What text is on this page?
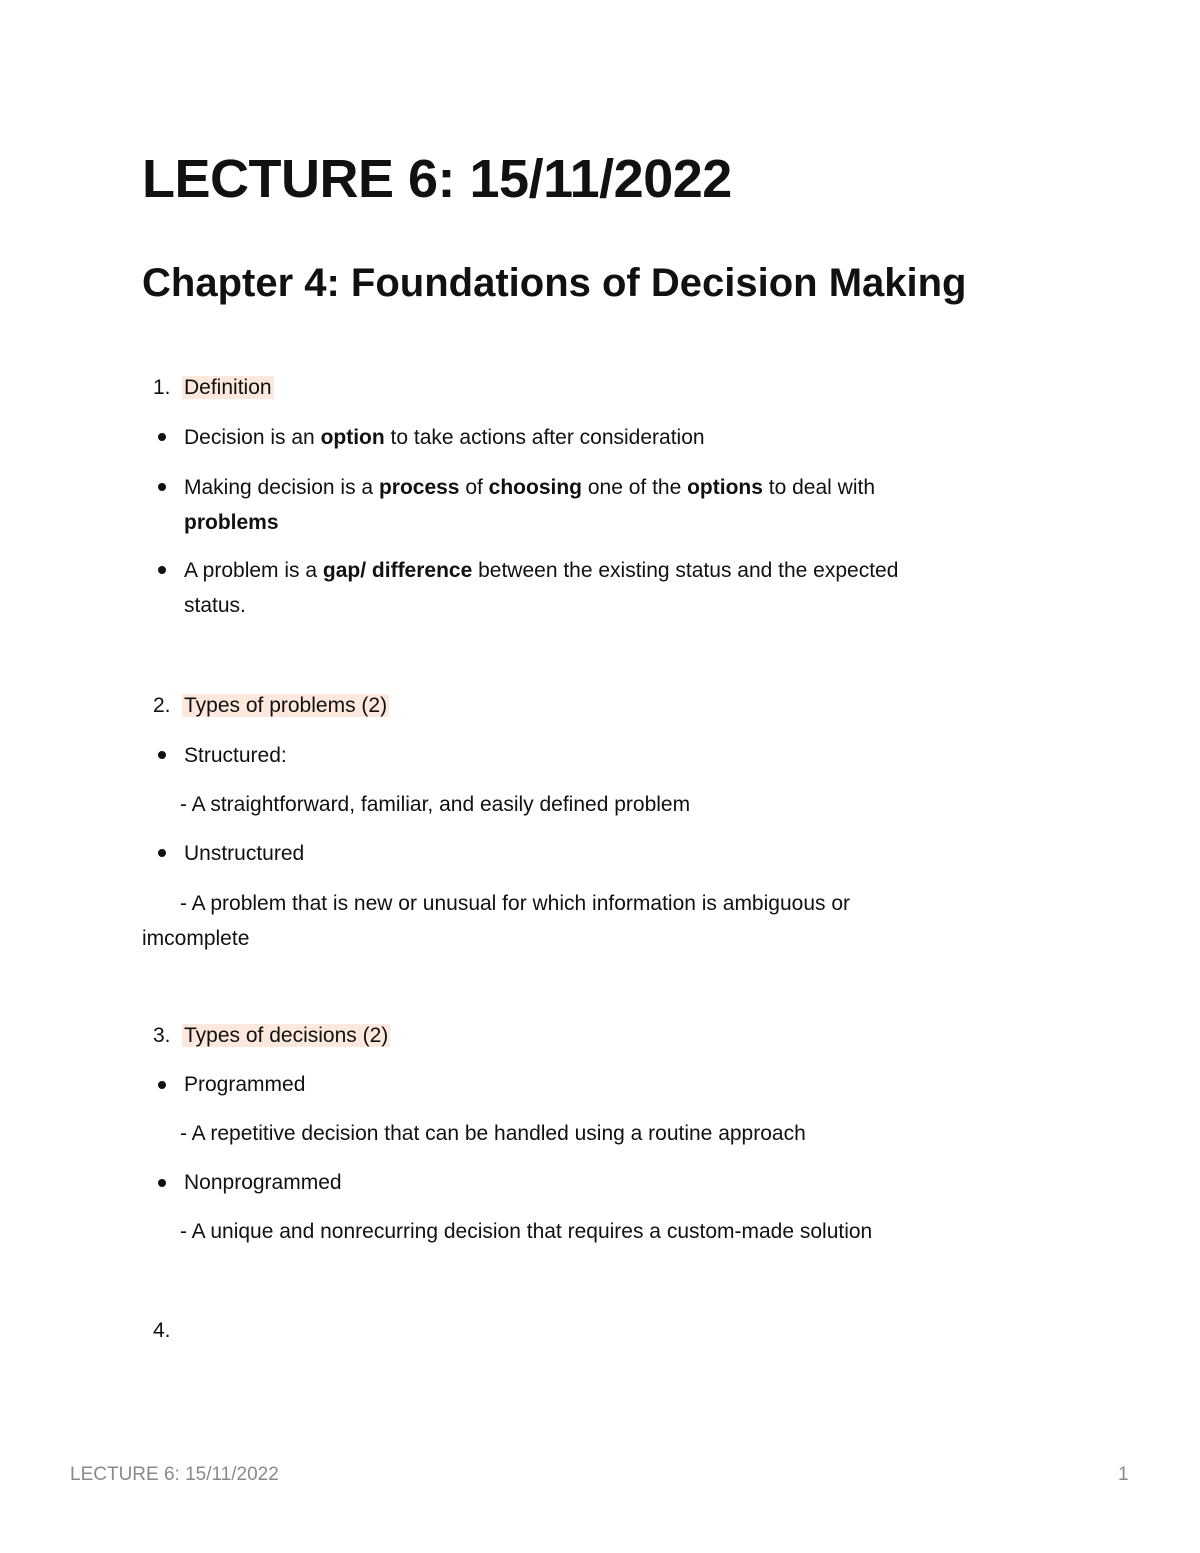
LECTURE 6: 15/11/2022
Chapter 4: Foundations of Decision Making
1. Definition
Decision is an option to take actions after consideration
Making decision is a process of choosing one of the options to deal with
problems
A problem is a gap/ difference between the existing status and the expected
status.
2. Types of problems (2)
Structured:
- A straightforward, familiar, and easily defined problem
Unstructured
- A problem that is new or unusual for which information is ambiguous or
imcomplete
3. Types of decisions (2)
Programmed
- A repetitive decision that can be handled using a routine approach
Nonprogrammed
- A unique and nonrecurring decision that requires a custom-made solution
4.
LECTURE 6: 15/11/2022	1
